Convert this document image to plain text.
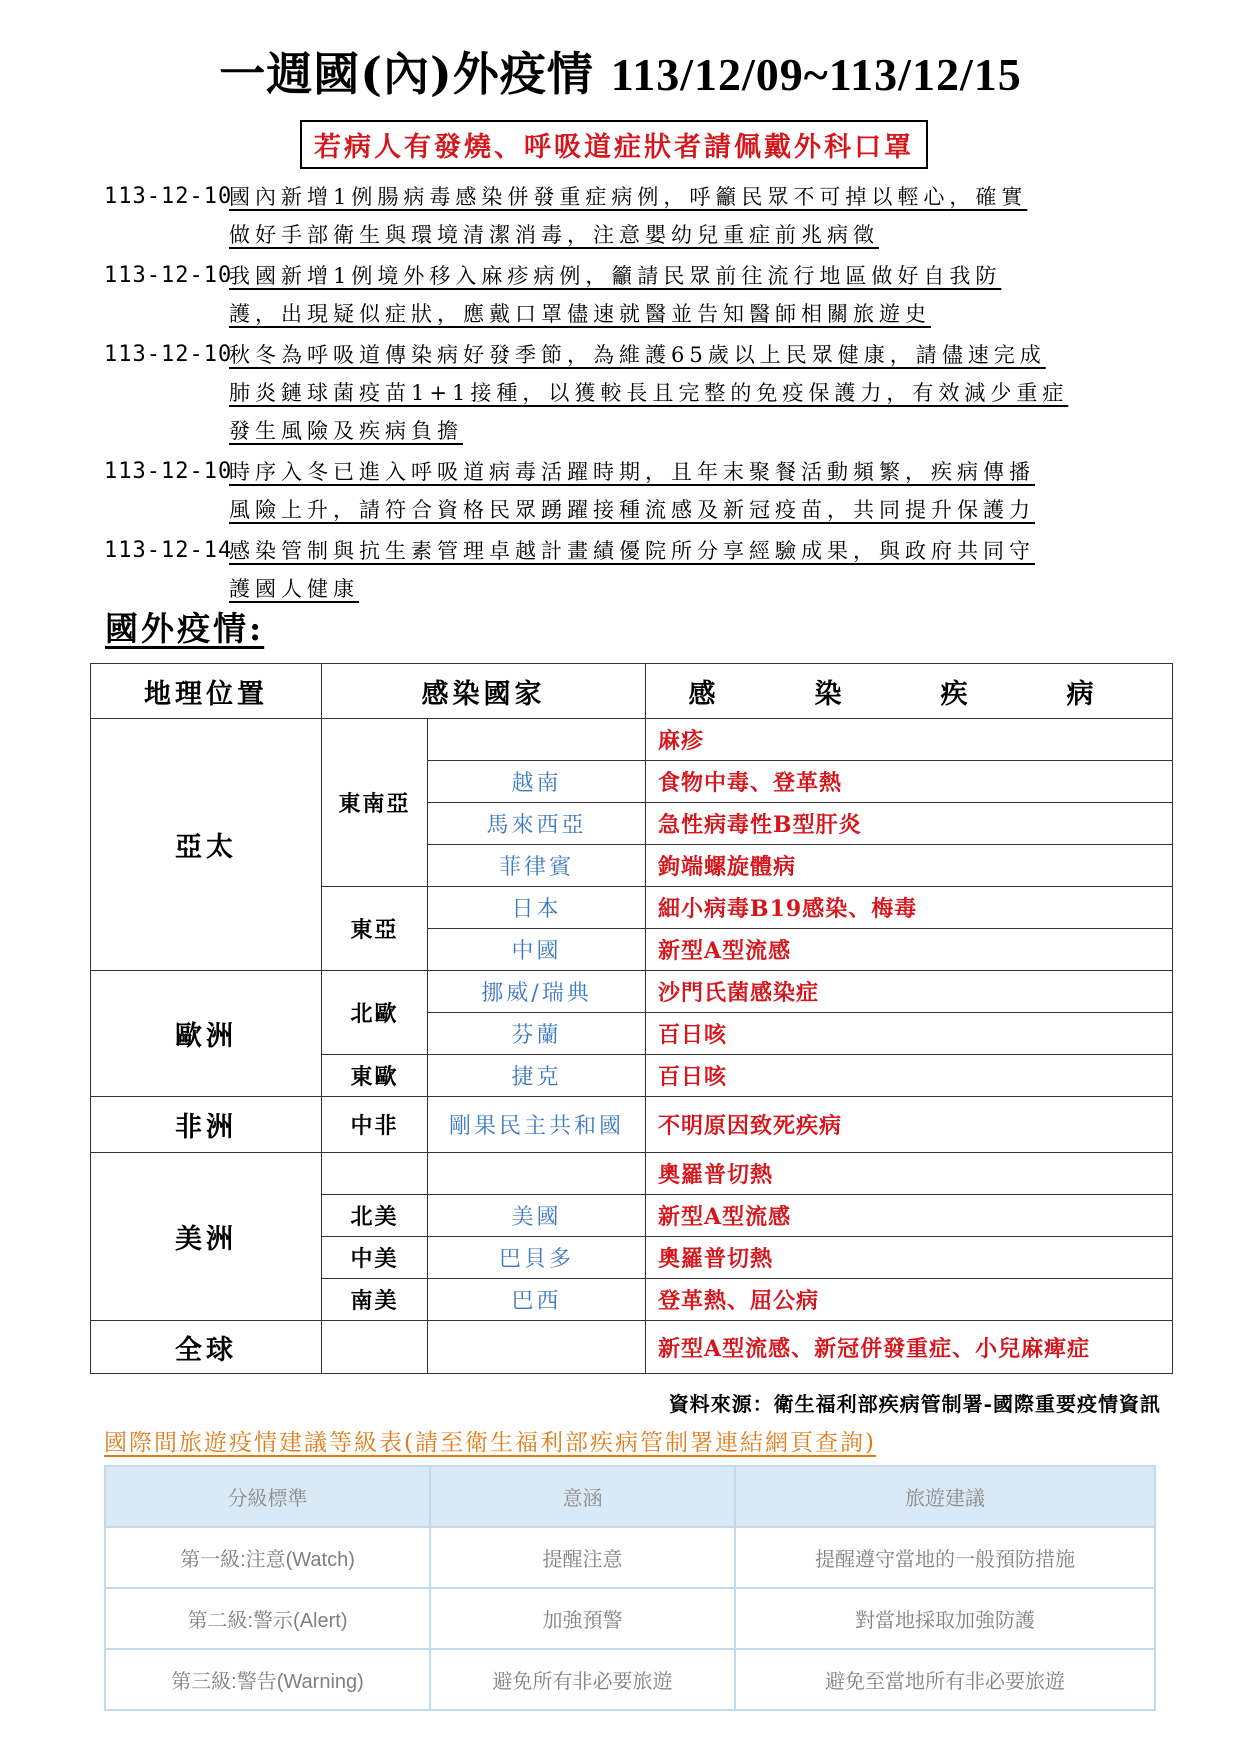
一週國(內)外疫情 113/12/09~113/12/15
若病人有發燒、呼吸道症狀者請佩戴外科口罩
113-12-10
國內新增1例腸病毒感染併發重症病例，呼籲民眾不可掉以輕心，確實
做好手部衛生與環境清潔消毒，注意嬰幼兒重症前兆病徵
113-12-10
我國新增1例境外移入麻疹病例，籲請民眾前往流行地區做好自我防
護，出現疑似症狀，應戴口罩儘速就醫並告知醫師相關旅遊史
113-12-10
秋冬為呼吸道傳染病好發季節，為維護65歲以上民眾健康，請儘速完成
肺炎鏈球菌疫苗1+1接種，以獲較長且完整的免疫保護力，有效減少重症
發生風險及疾病負擔
113-12-10
時序入冬已進入呼吸道病毒活躍時期，且年末聚餐活動頻繁，疾病傳播
風險上升，請符合資格民眾踴躍接種流感及新冠疫苗，共同提升保護力
113-12-14
感染管制與抗生素管理卓越計畫績優院所分享經驗成果，與政府共同守
護國人健康
國外疫情:
地理位置	感染國家		感　染　疾　病
亞太	東南亞		麻疹
		越南	食物中毒、登革熱
		馬來西亞	急性病毒性B型肝炎
		菲律賓	鉤端螺旋體病
	東亞	日本	細小病毒B19感染、梅毒
		中國	新型A型流感
歐洲	北歐	挪威/瑞典	沙門氏菌感染症
		芬蘭	百日咳
	東歐	捷克	百日咳
非洲	中非	剛果民主共和國	不明原因致死疾病
美洲			奧羅普切熱
	北美	美國	新型A型流感
	中美	巴貝多	奧羅普切熱
	南美	巴西	登革熱、屈公病
全球			新型A型流感、新冠併發重症、小兒麻痺症
資料來源：衛生福利部疾病管制署-國際重要疫情資訊
國際間旅遊疫情建議等級表(請至衛生福利部疾病管制署連結網頁查詢)
分級標準	意涵	旅遊建議
第一級:注意(Watch)	提醒注意	提醒遵守當地的一般預防措施
第二級:警示(Alert)	加強預警	對當地採取加強防護
第三級:警告(Warning)	避免所有非必要旅遊	避免至當地所有非必要旅遊
